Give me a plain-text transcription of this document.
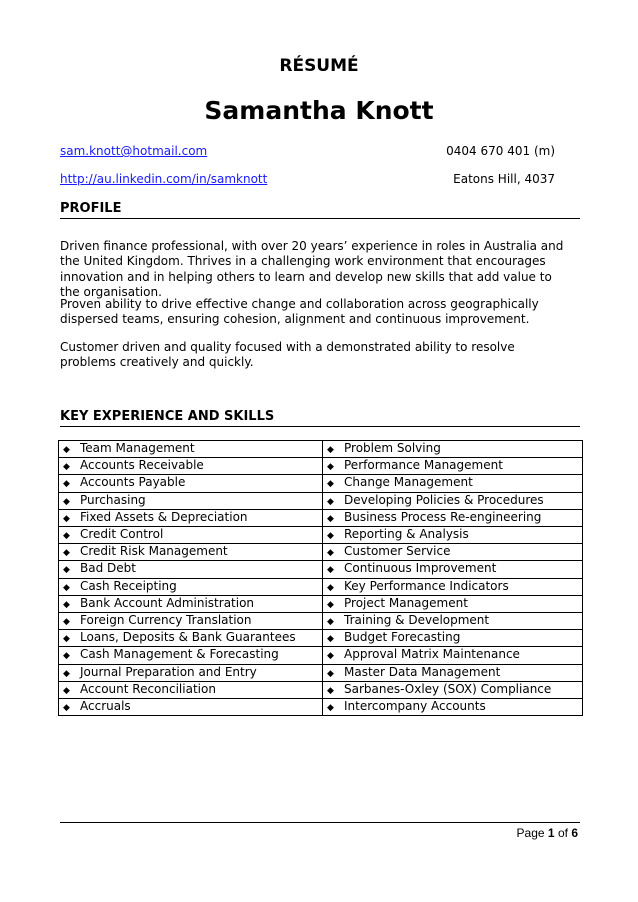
RÉSUMÉ
Samantha Knott
sam.knott@hotmail.com	0404 670 401 (m)
http://au.linkedin.com/in/samknott	Eatons Hill, 4037
PROFILE
Driven finance professional, with over 20 years’ experience in roles in Australia and the United Kingdom. Thrives in a challenging work environment that encourages innovation and in helping others to learn and develop new skills that add value to the organisation.
Proven ability to drive effective change and collaboration across geographically dispersed teams, ensuring cohesion, alignment and continuous improvement.
Customer driven and quality focused with a demonstrated ability to resolve problems creatively and quickly.
KEY EXPERIENCE AND SKILLS
◆ Team Management	◆ Problem Solving
◆ Accounts Receivable	◆ Performance Management
◆ Accounts Payable	◆ Change Management
◆ Purchasing	◆ Developing Policies & Procedures
◆ Fixed Assets & Depreciation	◆ Business Process Re-engineering
◆ Credit Control	◆ Reporting & Analysis
◆ Credit Risk Management	◆ Customer Service
◆ Bad Debt	◆ Continuous Improvement
◆ Cash Receipting	◆ Key Performance Indicators
◆ Bank Account Administration	◆ Project Management
◆ Foreign Currency Translation	◆ Training & Development
◆ Loans, Deposits & Bank Guarantees	◆ Budget Forecasting
◆ Cash Management & Forecasting	◆ Approval Matrix Maintenance
◆ Journal Preparation and Entry	◆ Master Data Management
◆ Account Reconciliation	◆ Sarbanes-Oxley (SOX) Compliance
◆ Accruals	◆ Intercompany Accounts
Page 1 of 6
